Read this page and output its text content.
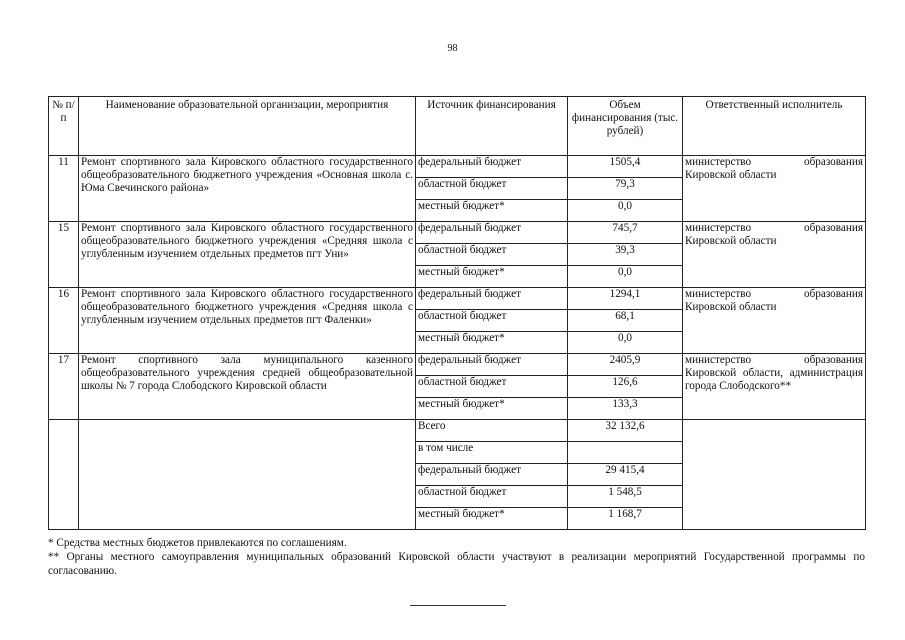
98
№ п/п	Наименование образовательной организации, мероприятия	Источник финансирования	Объем финансирования (тыс. рублей)	Ответственный исполнитель
11	Ремонт спортивного зала Кировского областного государственного общеобразовательного бюджетного учреждения «Основная школа с. Юма Свечинского района»	федеральный бюджет	1505,4	министерство образования Кировской области
		областной бюджет	79,3	
		местный бюджет*	0,0	
15	Ремонт спортивного зала Кировского областного государственного общеобразовательного бюджетного учреждения «Средняя школа с углубленным изучением отдельных предметов пгт Уни»	федеральный бюджет	745,7	министерство образования Кировской области
		областной бюджет	39,3	
		местный бюджет*	0,0	
16	Ремонт спортивного зала Кировского областного государственного общеобразовательного бюджетного учреждения «Средняя школа с углубленным изучением отдельных предметов пгт Фаленки»	федеральный бюджет	1294,1	министерство образования Кировской области
		областной бюджет	68,1	
		местный бюджет*	0,0	
17	Ремонт спортивного зала муниципального казенного общеобразовательного учреждения средней общеобразовательной школы № 7 города Слободского Кировской области	федеральный бюджет	2405,9	министерство образования Кировской области, администрация города Слободского**
		областной бюджет	126,6	
		местный бюджет*	133,3	
		Всего	32 132,6	
		в том числе		
		федеральный бюджет	29 415,4	
		областной бюджет	1 548,5	
		местный бюджет*	1 168,7	

* Средства местных бюджетов привлекаются по соглашениям.

** Органы местного самоуправления муниципальных образований Кировской области участвуют в реализации мероприятий Государственной программы по согласованию.
